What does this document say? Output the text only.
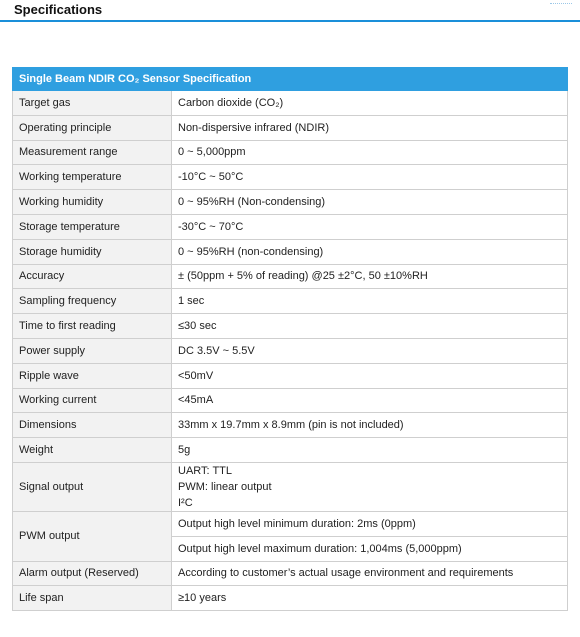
Specifications
Single Beam NDIR CO₂ Sensor Specification	
Target gas	Carbon dioxide (CO₂)
Operating principle	Non-dispersive infrared (NDIR)
Measurement range	0 ~ 5,000ppm
Working temperature	-10°C ~ 50°C
Working humidity	0 ~ 95%RH (Non-condensing)
Storage temperature	-30°C ~ 70°C
Storage humidity	0 ~ 95%RH (non-condensing)
Accuracy	± (50ppm + 5% of reading) @25 ±2°C, 50 ±10%RH
Sampling frequency	1 sec
Time to first reading	≤30 sec
Power supply	DC 3.5V ~ 5.5V
Ripple wave	<50mV
Working current	<45mA
Dimensions	33mm x 19.7mm x 8.9mm (pin is not included)
Weight	5g
Signal output	UART: TTL
PWM: linear output
I²C

PWM output	Output high level minimum duration: 2ms (0ppm)
	Output high level maximum duration: 1,004ms (5,000ppm)
Alarm output (Reserved)	According to customer’s actual usage environment and requirements
Life span	≥10 years
